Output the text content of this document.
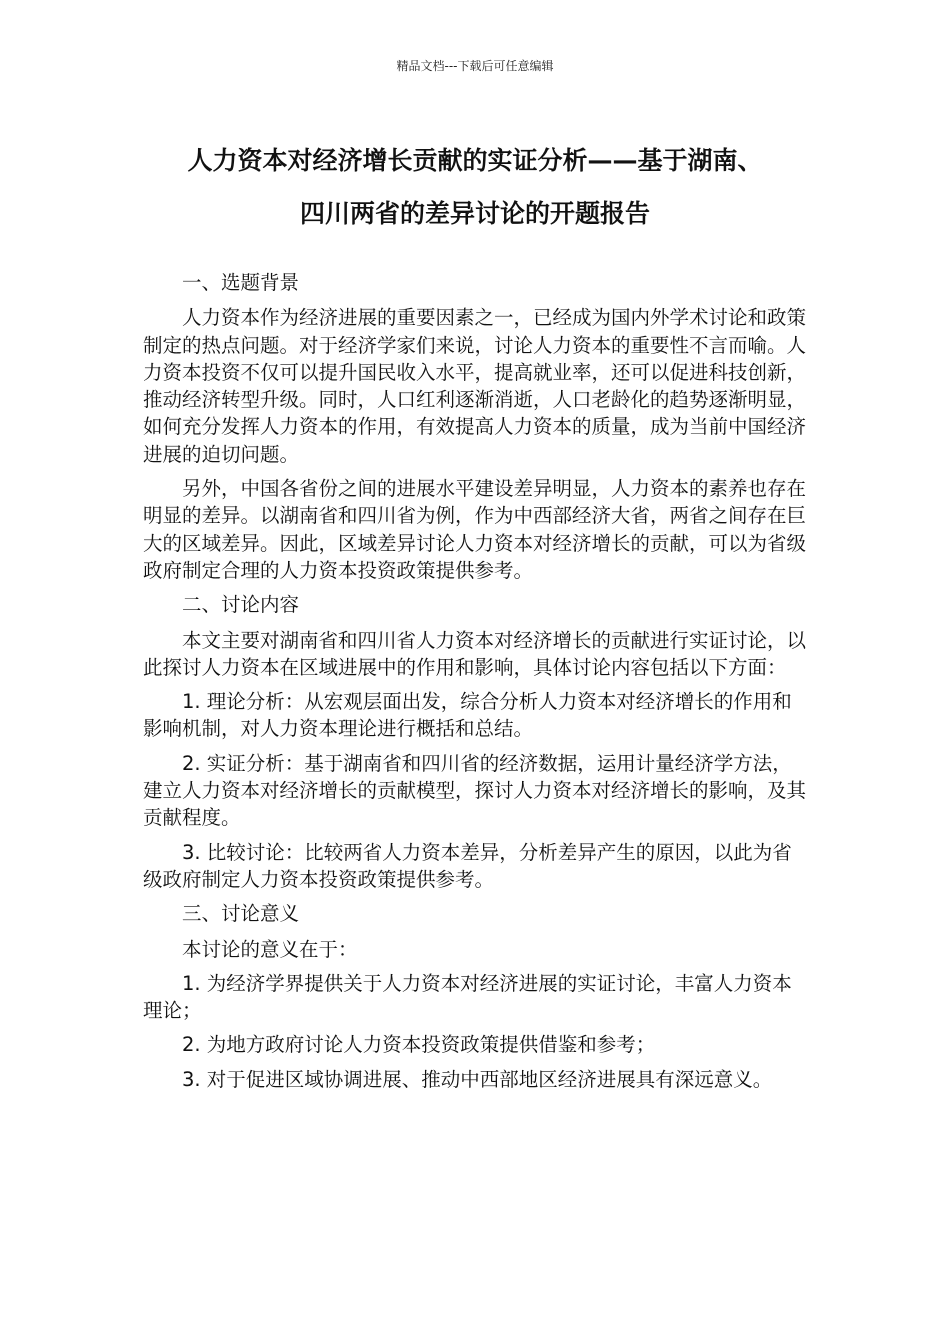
精品文档---下载后可任意编辑
人力资本对经济增长贡献的实证分析——基于湖南、
四川两省的差异讨论的开题报告

一、选题背景

人力资本作为经济进展的重要因素之一，已经成为国内外学术讨论和政策制定的热点问题。对于经济学家们来说，讨论人力资本的重要性不言而喻。人力资本投资不仅可以提升国民收入水平，提高就业率，还可以促进科技创新，推动经济转型升级。同时，人口红利逐渐消逝，人口老龄化的趋势逐渐明显，如何充分发挥人力资本的作用，有效提高人力资本的质量，成为当前中国经济进展的迫切问题。

另外，中国各省份之间的进展水平建设差异明显，人力资本的素养也存在明显的差异。以湖南省和四川省为例，作为中西部经济大省，两省之间存在巨大的区域差异。因此，区域差异讨论人力资本对经济增长的贡献，可以为省级政府制定合理的人力资本投资政策提供参考。

二、讨论内容

本文主要对湖南省和四川省人力资本对经济增长的贡献进行实证讨论，以此探讨人力资本在区域进展中的作用和影响，具体讨论内容包括以下方面：

1. 理论分析：从宏观层面出发，综合分析人力资本对经济增长的作用和影响机制，对人力资本理论进行概括和总结。

2. 实证分析：基于湖南省和四川省的经济数据，运用计量经济学方法，建立人力资本对经济增长的贡献模型，探讨人力资本对经济增长的影响，及其贡献程度。

3. 比较讨论：比较两省人力资本差异，分析差异产生的原因，以此为省级政府制定人力资本投资政策提供参考。

三、讨论意义

本讨论的意义在于：

1. 为经济学界提供关于人力资本对经济进展的实证讨论，丰富人力资本理论；

2. 为地方政府讨论人力资本投资政策提供借鉴和参考；

3. 对于促进区域协调进展、推动中西部地区经济进展具有深远意义。
